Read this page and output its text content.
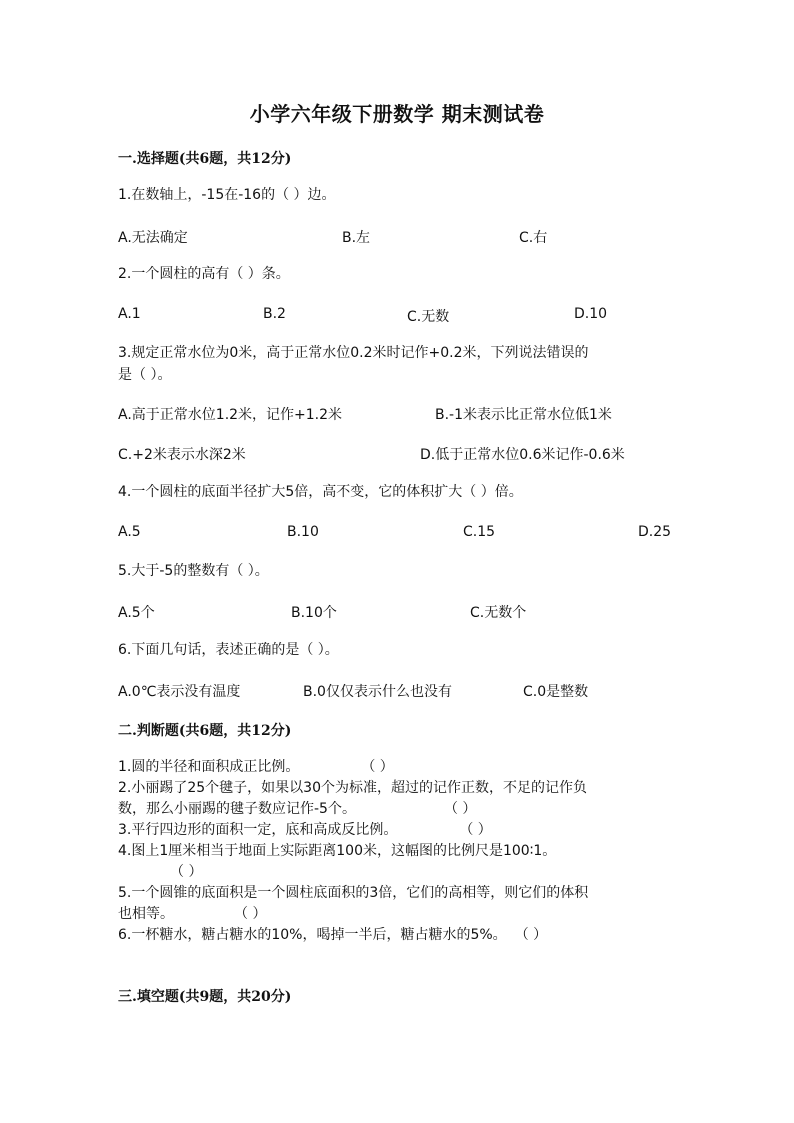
小学六年级下册数学 期末测试卷
一.选择题(共6题，共12分)
1.在数轴上，-15在-16的（ ）边。
A.无法确定	B.左	C.右
2.一个圆柱的高有（ ）条。
A.1	B.2	C.无数	D.10
3.规定正常水位为0米，高于正常水位0.2米时记作+0.2米，下列说法错误的
是（ ）。
A.高于正常水位1.2米，记作+1.2米	B.-1米表示比正常水位低1米
C.+2米表示水深2米	D.低于正常水位0.6米记作-0.6米
4.一个圆柱的底面半径扩大5倍，高不变，它的体积扩大（ ）倍。
A.5	B.10	C.15	D.25
5.大于-5的整数有（ ）。
A.5个	B.10个	C.无数个
6.下面几句话，表述正确的是（ ）。
A.0℃表示没有温度	B.0仅仅表示什么也没有	C.0是整数
二.判断题(共6题，共12分)
1.圆的半径和面积成正比例。	（ ）
2.小丽踢了25个毽子，如果以30个为标准，超过的记作正数，不足的记作负
数，那么小丽踢的毽子数应记作-5个。	（ ）
3.平行四边形的面积一定，底和高成反比例。	（ ）
4.图上1厘米相当于地面上实际距离100米，这幅图的比例尺是100∶1。
（ ）
5.一个圆锥的底面积是一个圆柱底面积的3倍，它们的高相等，则它们的体积
也相等。	（ ）
6.一杯糖水，糖占糖水的10%，喝掉一半后，糖占糖水的5%。 （ ）
三.填空题(共9题，共20分)
